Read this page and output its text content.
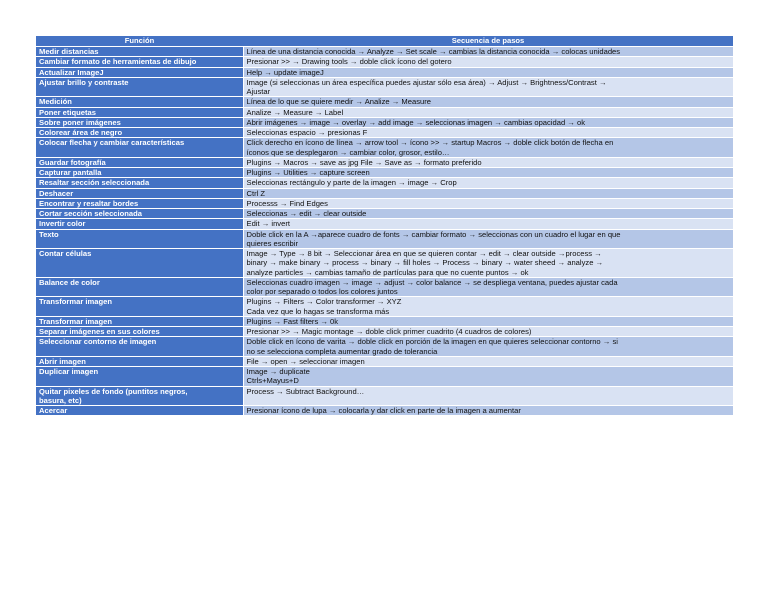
Función	Secuencia de pasos

Medir distancias	Línea de una distancia conocida → Analyze → Set scale → cambias la distancia conocida → colocas unidades

Cambiar formato de herramientas de dibujo	Presionar >> → Drawing tools → doble click ícono del gotero

Actualizar ImageJ	Help → update imageJ

Ajustar brillo y contraste	Image (si seleccionas un área específica puedes ajustar sólo esa área) → Adjust → Brightness/Contrast →
Ajustar

Medición	Línea de lo que se quiere medir → Analize → Measure

Poner etiquetas	Analize → Measure → Label

Sobre poner imágenes	Abrir imágenes → image → overlay → add image → seleccionas imagen → cambias opacidad → ok

Colorear área de negro	Seleccionas espacio → presionas F

Colocar flecha y cambiar características	Click derecho en ícono de línea → arrow tool → ícono >> → startup Macros → doble click botón de flecha en
íconos que se desplegaron → cambiar color, grosor, estilo…

Guardar fotografía	Plugins → Macros → save as jpg File → Save as → formato preferido

Capturar pantalla	Plugins → Utilities → capture screen

Resaltar sección seleccionada	Seleccionas rectángulo y parte de la imagen → image → Crop

Deshacer	Ctrl Z

Encontrar y resaltar bordes	Processs → Find Edges

Cortar sección seleccionada	Seleccionas → edit → clear outside

Invertir color	Edit → invert

Texto	Doble click en la A →aparece cuadro de fonts → cambiar formato → seleccionas con un cuadro el lugar en que
quieres escribir

Contar células	Image → Type → 8 bit → Seleccionar área en que se quieren contar → edit → clear outside →process →
binary → make binary → process → binary → fill holes → Process → binary → water sheed → analyze →
analyze particles → cambias tamaño de partículas para que no cuente puntos → ok

Balance de color	Seleccionas cuadro imagen → image → adjust → color balance → se despliega ventana, puedes ajustar cada
color por separado o todos los colores juntos

Transformar imagen	Plugins → Filters → Color transformer → XYZ
Cada vez que lo hagas se transforma más

Transformar imagen	Plugins → Fast filters → 0k

Separar imágenes en sus colores	Presionar >> → Magic montage → doble click primer cuadrito (4 cuadros de colores)

Seleccionar contorno de imagen	Doble click en ícono de varita → doble click en porción de la imagen en que quieres seleccionar contorno → si
no se selecciona completa aumentar grado de tolerancia

Abrir imagen	File → open → seleccionar imagen

Duplicar imagen	Image → duplicate
Ctrls+Mayus+D

Quitar pixeles de fondo (puntitos negros,
basura, etc)	Process → Subtract Background…

Acercar	Presionar ícono de lupa → colocarla y dar click en parte de la imagen a aumentar
